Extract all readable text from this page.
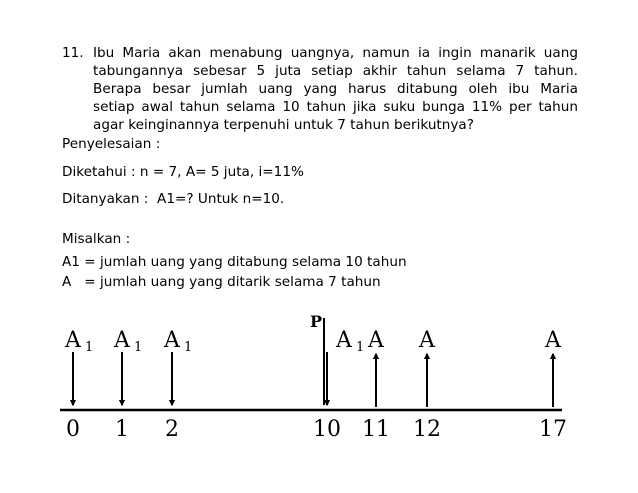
11. Ibu Maria akan menabung uangnya, namun ia ingin manarik uang
tabungannya sebesar 5 juta setiap akhir tahun selama 7 tahun.
Berapa besar jumlah uang yang harus ditabung oleh ibu Maria
setiap awal tahun selama 10 tahun jika suku bunga 11% per tahun
agar keinginannya terpenuhi untuk 7 tahun berikutnya?
Penyelesaian :
Diketahui : n = 7, A= 5 juta, i=11%
Ditanyakan :  A1=? Untuk n=10.
Misalkan :
A1 = jumlah uang yang ditabung selama 10 tahun
A   = jumlah uang yang ditarik selama 7 tahun
0 1 2	10 11 12	17
A 1 A 1 A 1	A 1
P
A A	A
